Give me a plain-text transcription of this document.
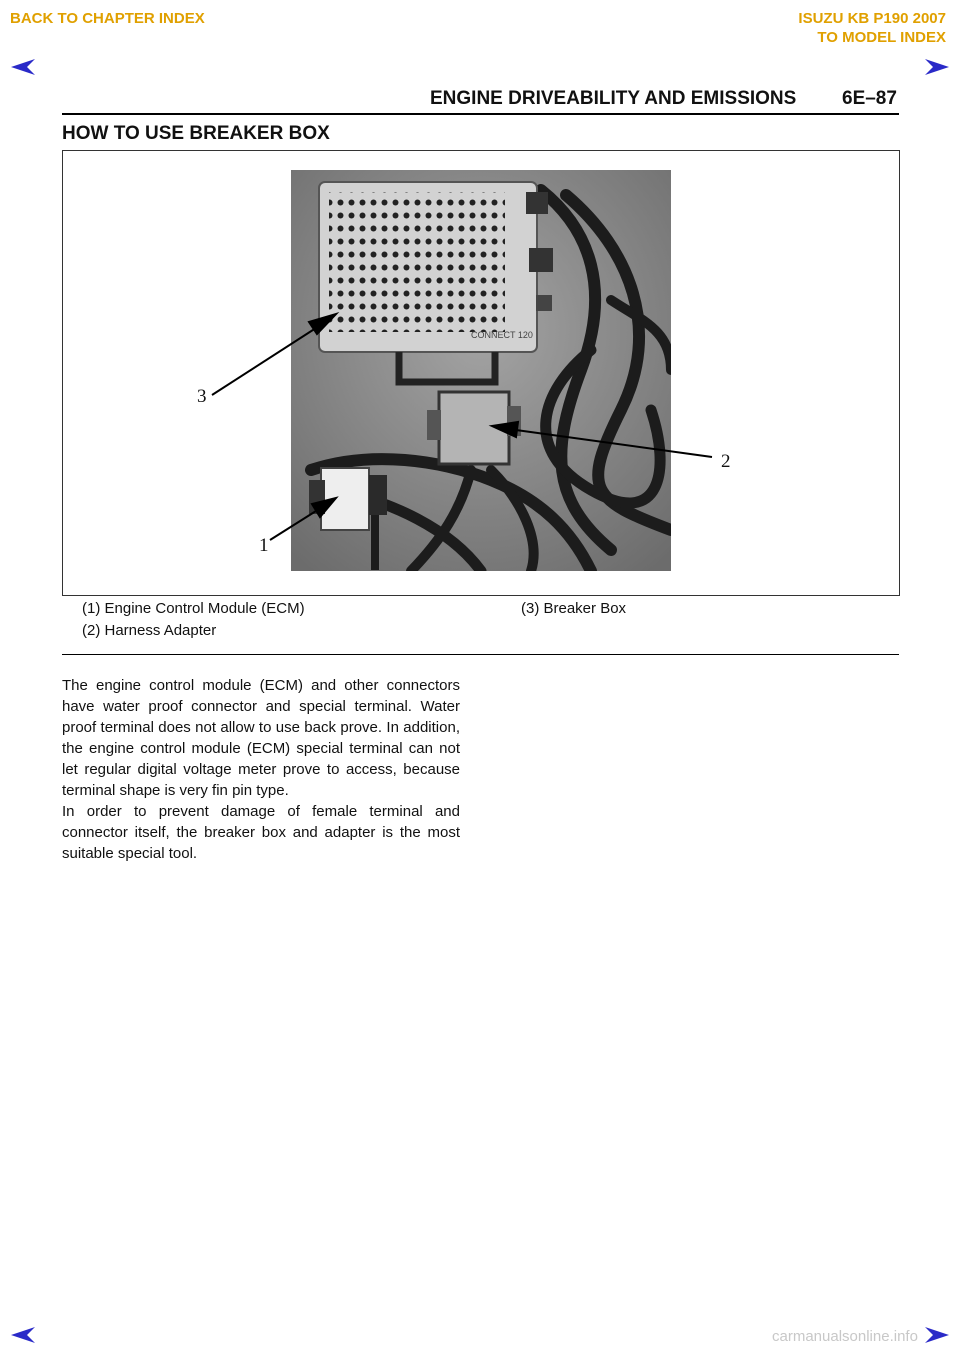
BACK TO CHAPTER INDEX	ISUZU KB P190 2007
TO MODEL INDEX
ENGINE DRIVEABILITY AND EMISSIONS 6E–87
HOW TO USE BREAKER BOX
CONNECT 120
3
2
1
(1) Engine Control Module (ECM)
(2) Harness Adapter
(3) Breaker Box

The engine control module (ECM) and other connectors have water proof connector and special terminal. Water proof terminal does not allow to use back prove. In addition, the engine control module (ECM) special terminal can not let regular digital voltage meter prove to access, because terminal shape is very fin pin type.

In order to prevent damage of female terminal and connector itself, the breaker box and adapter is the most suitable special tool.

carmanualsonline.info
